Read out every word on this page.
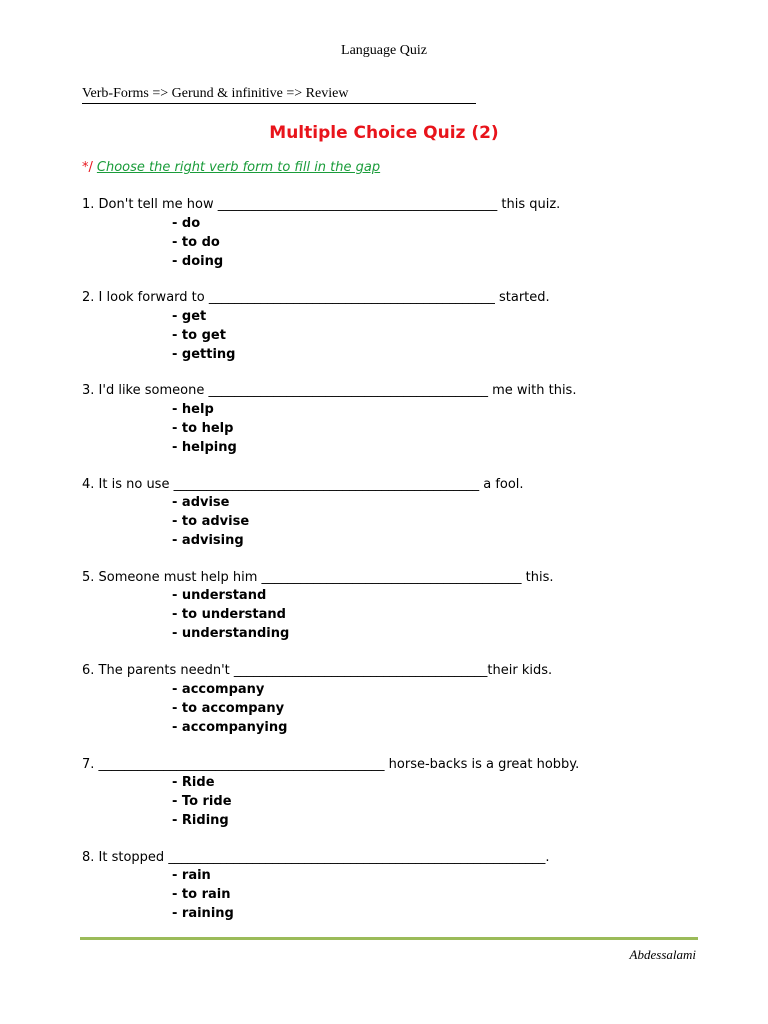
Language Quiz
Verb-Forms => Gerund & infinitive => Review
Multiple Choice Quiz (2)
*/ Choose the right verb form to fill in the gap
1. Don't tell me how ___________________________________________ this quiz.
- do
- to do
- doing
2. I look forward to ____________________________________________ started.
- get
- to get
- getting
3. I'd like someone ___________________________________________ me with this.
- help
- to help
- helping
4. It is no use _______________________________________________ a fool.
- advise
- to advise
- advising
5. Someone must help him ________________________________________ this.
- understand
- to understand
- understanding
6. The parents needn't _______________________________________their kids.
- accompany
- to accompany
- accompanying
7. ____________________________________________ horse-backs is a great hobby.
- Ride
- To ride
- Riding
8. It stopped __________________________________________________________.
- rain
- to rain
- raining
Abdessalami
